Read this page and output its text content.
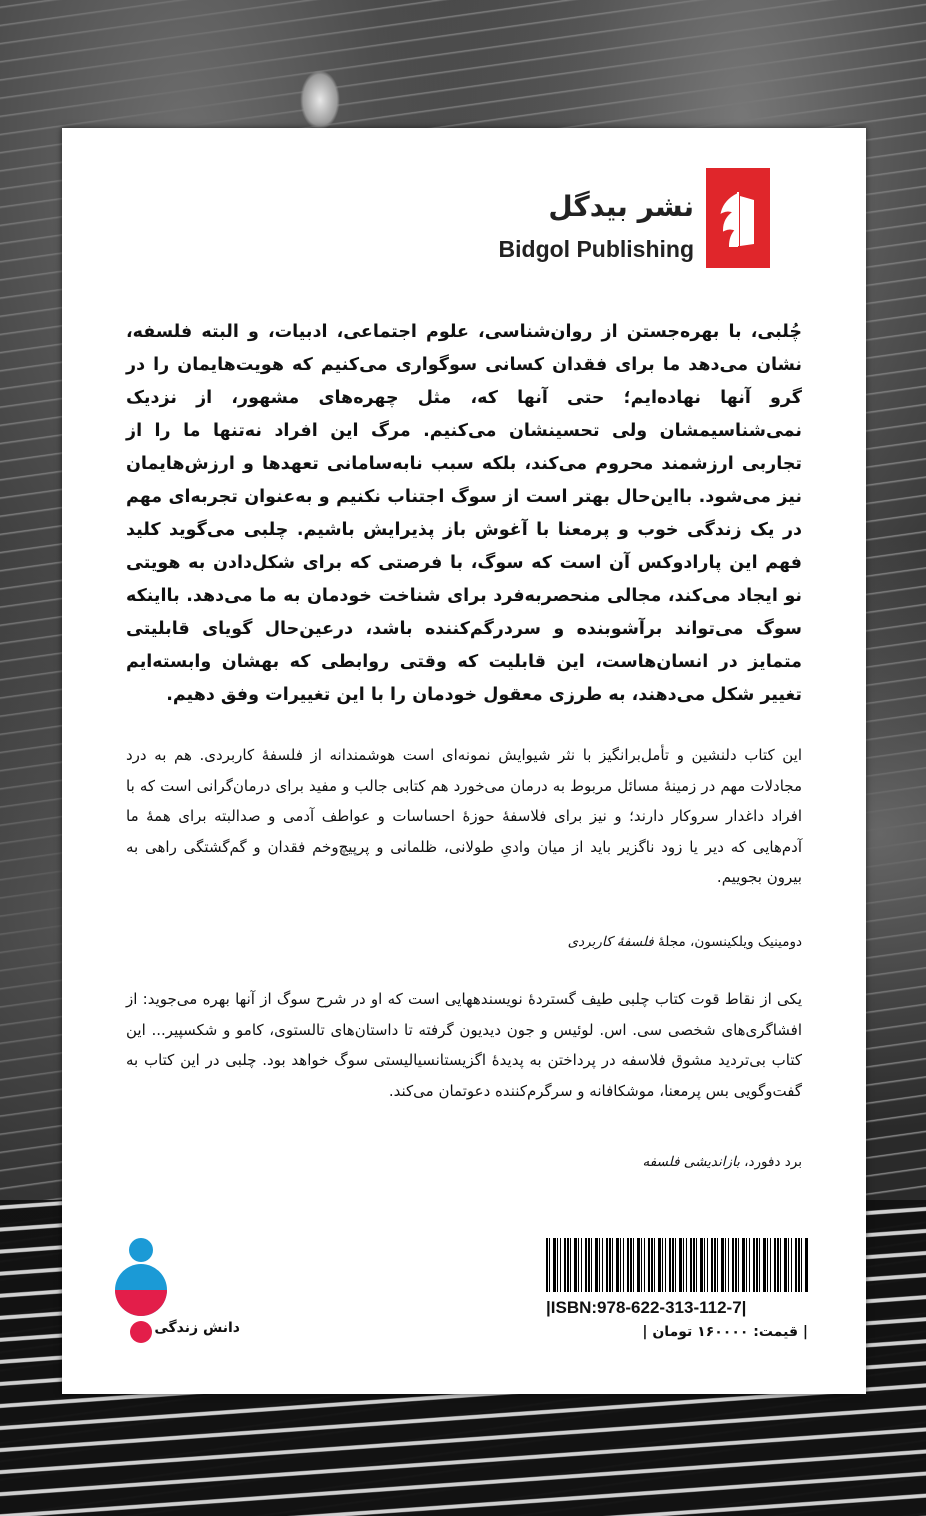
نشر بیدگل
Bidgol Publishing
چُلبی، با بهره‌جستن از روان‌شناسی، علوم اجتماعی، ادبیات، و البته فلسفه، نشان می‌دهد ما برای فقدان کسانی سوگواری می‌کنیم که هویت‌هایمان را در گرو آنها نهاده‌ایم؛ حتی آنها که، مثل چهره‌های مشهور، از نزدیک نمی‌شناسیمشان ولی تحسینشان می‌کنیم. مرگ این افراد نه‌تنها ما را از تجاربی ارزشمند محروم می‌کند، بلکه سبب نابه‌سامانی تعهدها و ارزش‌هایمان نیز می‌شود. بااین‌حال بهتر است از سوگ اجتناب نکنیم و به‌عنوان تجربه‌ای مهم در یک زندگی خوب و پرمعنا با آغوش باز پذیرایش باشیم. چلبی می‌گوید کلید فهم این پارادوکس آن است که سوگ، با فرصتی که برای شکل‌دادن به هویتی نو ایجاد می‌کند، مجالی منحصربه‌فرد برای شناخت خودمان به ما می‌دهد. بااینکه سوگ می‌تواند برآشوبنده و سردرگم‌کننده باشد، درعین‌حال گویای قابلیتی متمایز در انسان‌هاست، این قابلیت که وقتی روابطی که بهشان وابسته‌ایم تغییر شکل می‌دهند، به طرزی معقول خودمان را با این تغییرات وفق دهیم.
این کتاب دلنشین و تأمل‌برانگیز با نثر شیوایش نمونه‌ای است هوشمندانه از فلسفهٔ کاربردی. هم به درد مجادلات مهم در زمینهٔ مسائل مربوط به درمان می‌خورد هم کتابی جالب و مفید برای درمان‌گرانی است که با افراد داغدار سروکار دارند؛ و نیز برای فلاسفهٔ حوزهٔ احساسات و عواطف آدمی و صدالبته برای همهٔ ما آدم‌هایی که دیر یا زود ناگزیر باید از میان وادیِ طولانی، ظلمانی و پرپیچ‌وخم فقدان و گم‌گشتگی راهی به بیرون بجوییم.
دومینیک ویلکینسون، مجلهٔ فلسفهٔ کاربردی
یکی از نقاط قوت کتاب چلبی طیف گستردهٔ نویسندههایی است که او در شرح سوگ از آنها بهره می‌جوید: از افشاگری‌های شخصی سی. اس. لوئیس و جون دیدیون گرفته تا داستان‌های تالستوی، کامو و شکسپیر... این کتاب بی‌تردید مشوق فلاسفه در پرداختن به پدیدهٔ اگزیستانسیالیستی سوگ خواهد بود. چلبی در این کتاب به گفت‌وگویی بس پرمعنا، موشکافانه و سرگرم‌کننده دعوتمان می‌کند.
برد دفورد، بازاندیشی فلسفه
دانش زندگی
|ISBN:978-622-313-112-7|
| قیمت: ۱۶۰۰۰۰ تومان |
